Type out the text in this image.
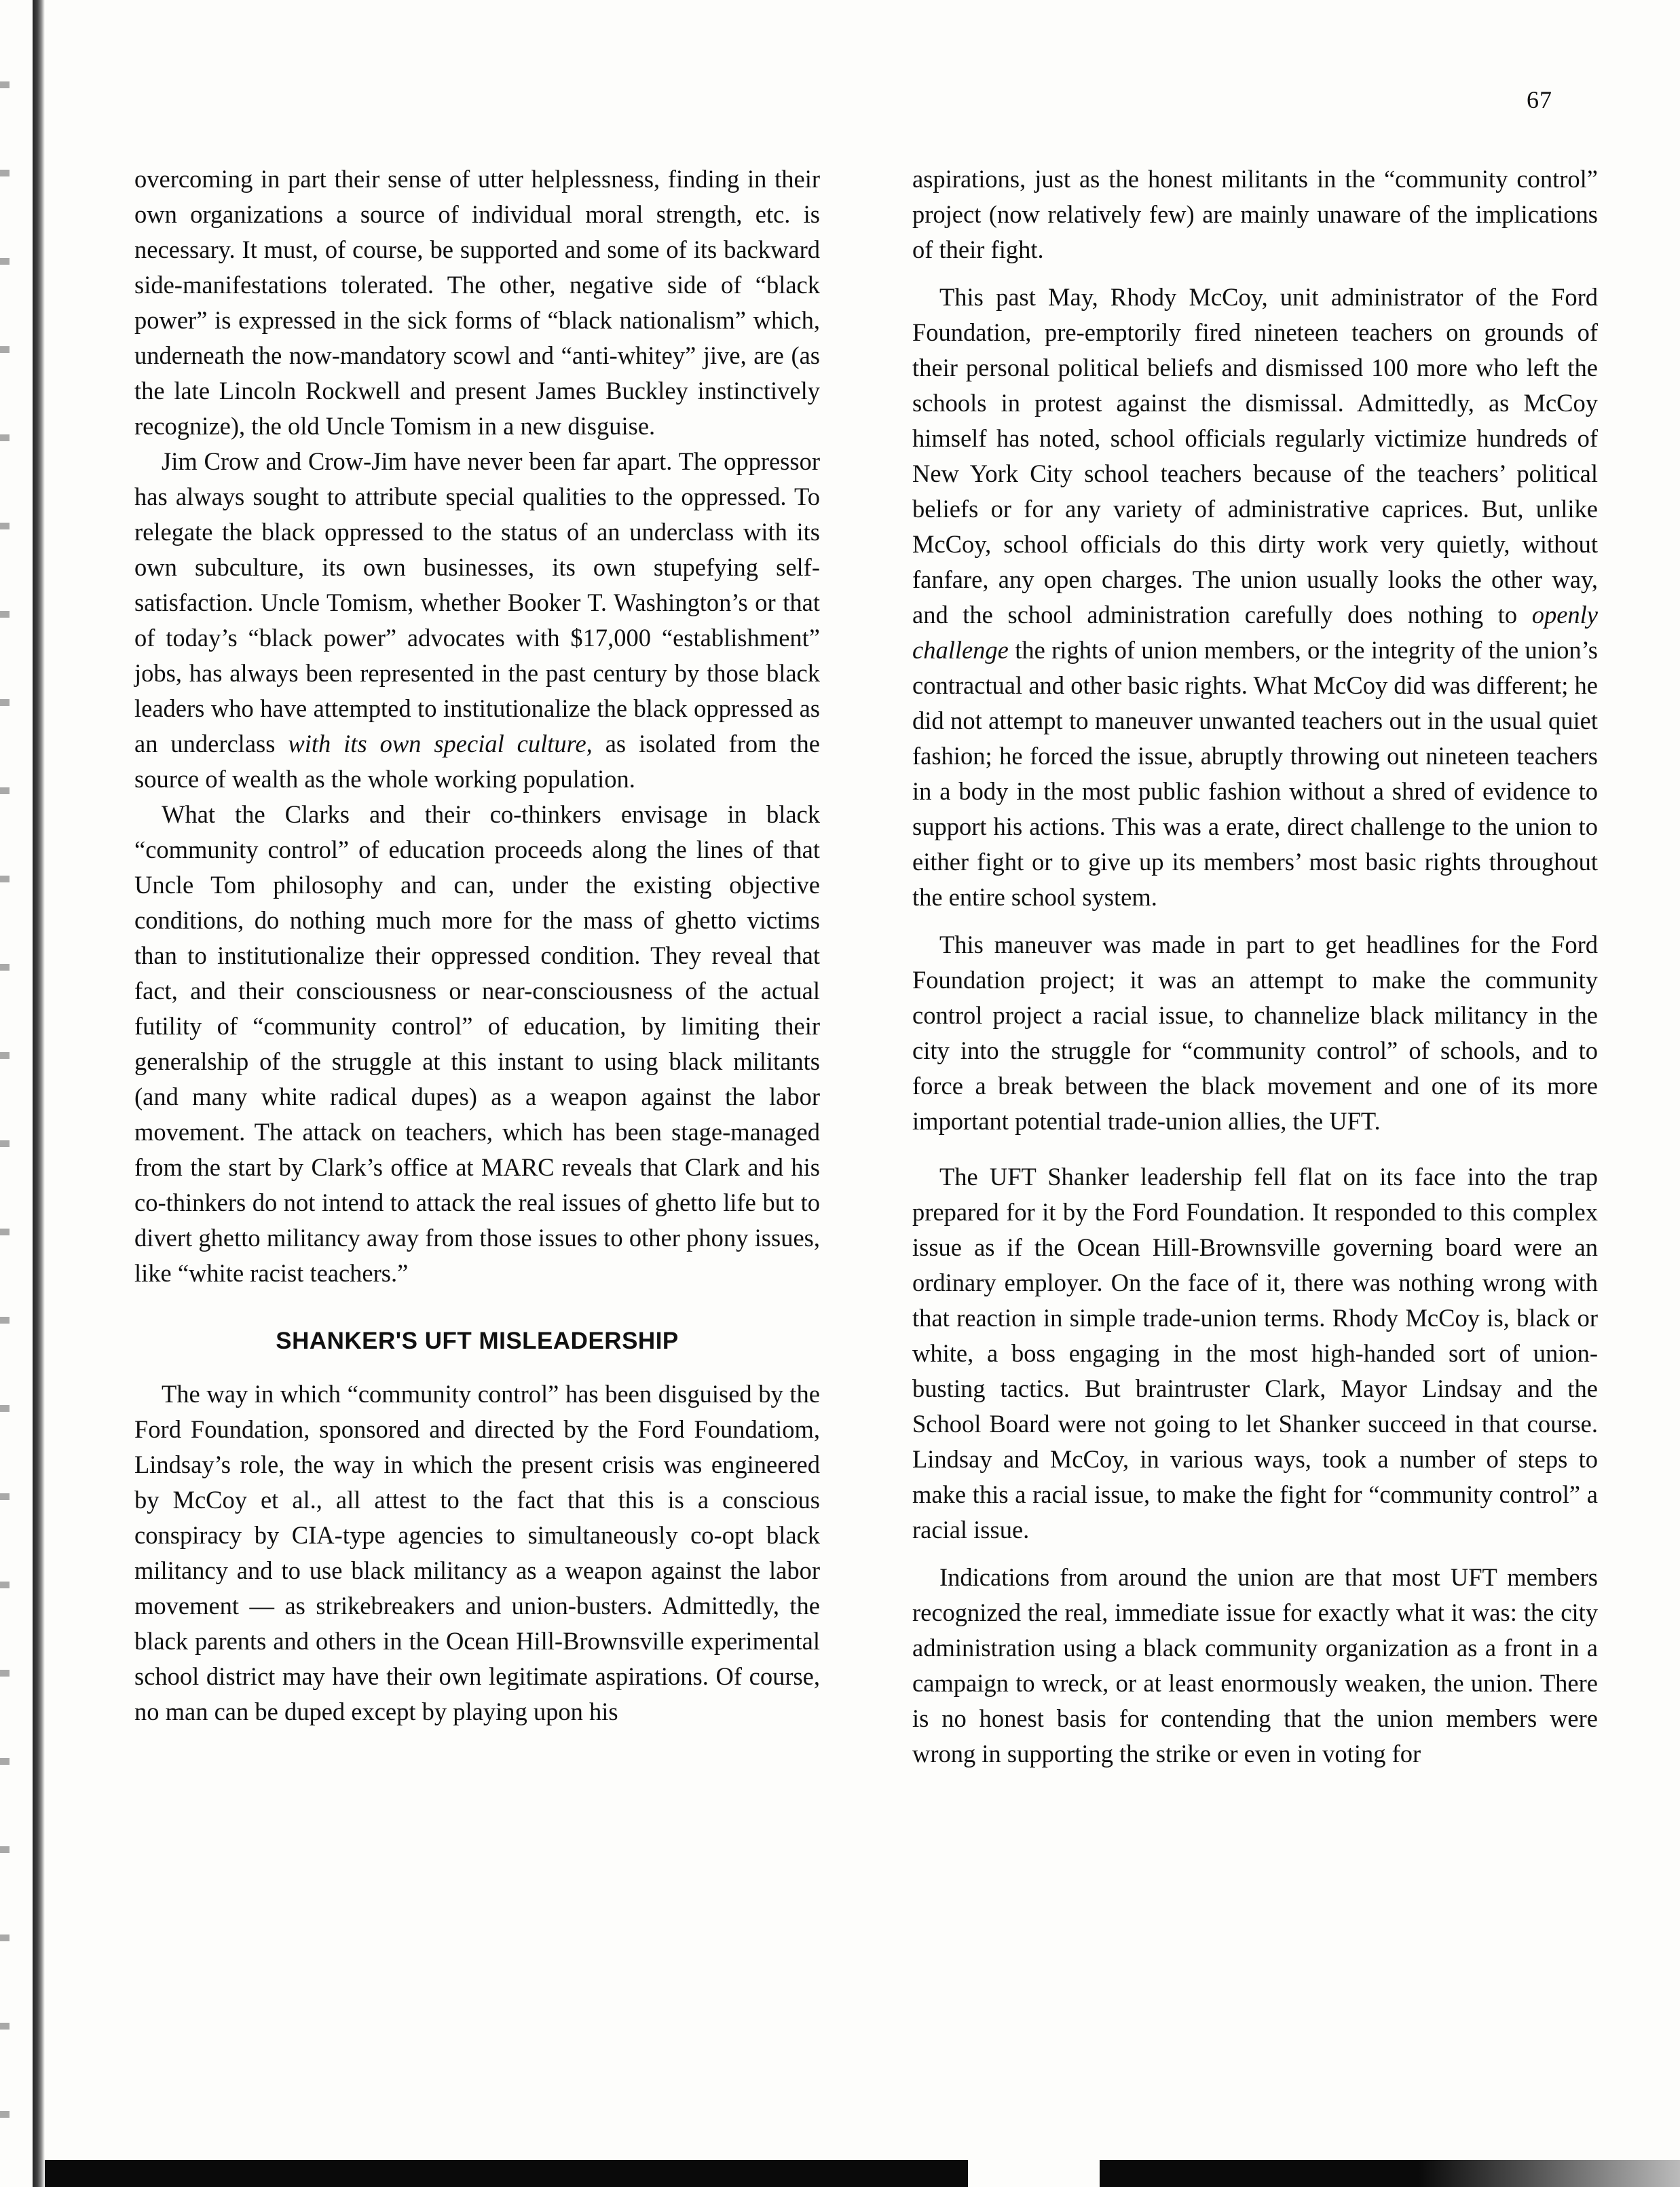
67

overcoming in part their sense of utter helplessness, finding in their own organizations a source of individual moral strength, etc. is necessary. It must, of course, be supported and some of its backward side-manifestations tolerated. The other, negative side of “black power” is expressed in the sick forms of “black nationalism” which, underneath the now-mandatory scowl and “anti-whitey” jive, are (as the late Lincoln Rockwell and present James Buckley instinctively recognize), the old Uncle Tomism in a new disguise.

Jim Crow and Crow-Jim have never been far apart. The oppressor has always sought to attribute special qualities to the oppressed. To relegate the black oppressed to the status of an underclass with its own subculture, its own businesses, its own stupefying self-satisfaction. Uncle Tomism, whether Booker T. Washington’s or that of today’s “black power” advocates with $17,000 “establishment” jobs, has always been represented in the past century by those black leaders who have attempted to institutionalize the black oppressed as an underclass with its own special culture, as isolated from the source of wealth as the whole working population.

What the Clarks and their co-thinkers envisage in black “community control” of education proceeds along the lines of that Uncle Tom philosophy and can, under the existing objective conditions, do nothing much more for the mass of ghetto victims than to institutionalize their oppressed condition. They reveal that fact, and their consciousness or near-consciousness of the actual futility of “community control” of education, by limiting their generalship of the struggle at this instant to using black militants (and many white radical dupes) as a weapon against the labor movement. The attack on teachers, which has been stage-managed from the start by Clark’s office at MARC reveals that Clark and his co-thinkers do not intend to attack the real issues of ghetto life but to divert ghetto militancy away from those issues to other phony issues, like “white racist teachers.”

SHANKER'S UFT MISLEADERSHIP

The way in which “community control” has been disguised by the Ford Foundation, sponsored and directed by the Ford Foundatiom, Lindsay’s role, the way in which the present crisis was engineered by McCoy et al., all attest to the fact that this is a conscious conspiracy by CIA-type agencies to simultaneously co-opt black militancy and to use black militancy as a weapon against the labor movement — as strikebreakers and union-busters. Admittedly, the black parents and others in the Ocean Hill-Brownsville experimental school district may have their own legitimate aspirations. Of course, no man can be duped except by playing upon his

aspirations, just as the honest militants in the “community control” project (now relatively few) are mainly unaware of the implications of their fight.

This past May, Rhody McCoy, unit administrator of the Ford Foundation, pre-emptorily fired nineteen teachers on grounds of their personal political beliefs and dismissed 100 more who left the schools in protest against the dismissal. Admittedly, as McCoy himself has noted, school officials regularly victimize hundreds of New York City school teachers because of the teachers’ political beliefs or for any variety of administrative caprices. But, unlike McCoy, school officials do this dirty work very quietly, without fanfare, any open charges. The union usually looks the other way, and the school administration carefully does nothing to openly challenge the rights of union members, or the integrity of the union’s contractual and other basic rights. What McCoy did was different; he did not attempt to maneuver unwanted teachers out in the usual quiet fashion; he forced the issue, abruptly throwing out nineteen teachers in a body in the most public fashion without a shred of evidence to support his actions. This was a erate, direct challenge to the union to either fight or to give up its members’ most basic rights throughout the entire school system.

This maneuver was made in part to get headlines for the Ford Foundation project; it was an attempt to make the community control project a racial issue, to channelize black militancy in the city into the struggle for “community control” of schools, and to force a break between the black movement and one of its more important potential trade-union allies, the UFT.

The UFT Shanker leadership fell flat on its face into the trap prepared for it by the Ford Foundation. It responded to this complex issue as if the Ocean Hill-Brownsville governing board were an ordinary employer. On the face of it, there was nothing wrong with that reaction in simple trade-union terms. Rhody McCoy is, black or white, a boss engaging in the most high-handed sort of union-busting tactics. But braintruster Clark, Mayor Lindsay and the School Board were not going to let Shanker succeed in that course. Lindsay and McCoy, in various ways, took a number of steps to make this a racial issue, to make the fight for “community control” a racial issue.

Indications from around the union are that most UFT members recognized the real, immediate issue for exactly what it was: the city administration using a black community organization as a front in a campaign to wreck, or at least enormously weaken, the union. There is no honest basis for contending that the union members were wrong in supporting the strike or even in voting for
